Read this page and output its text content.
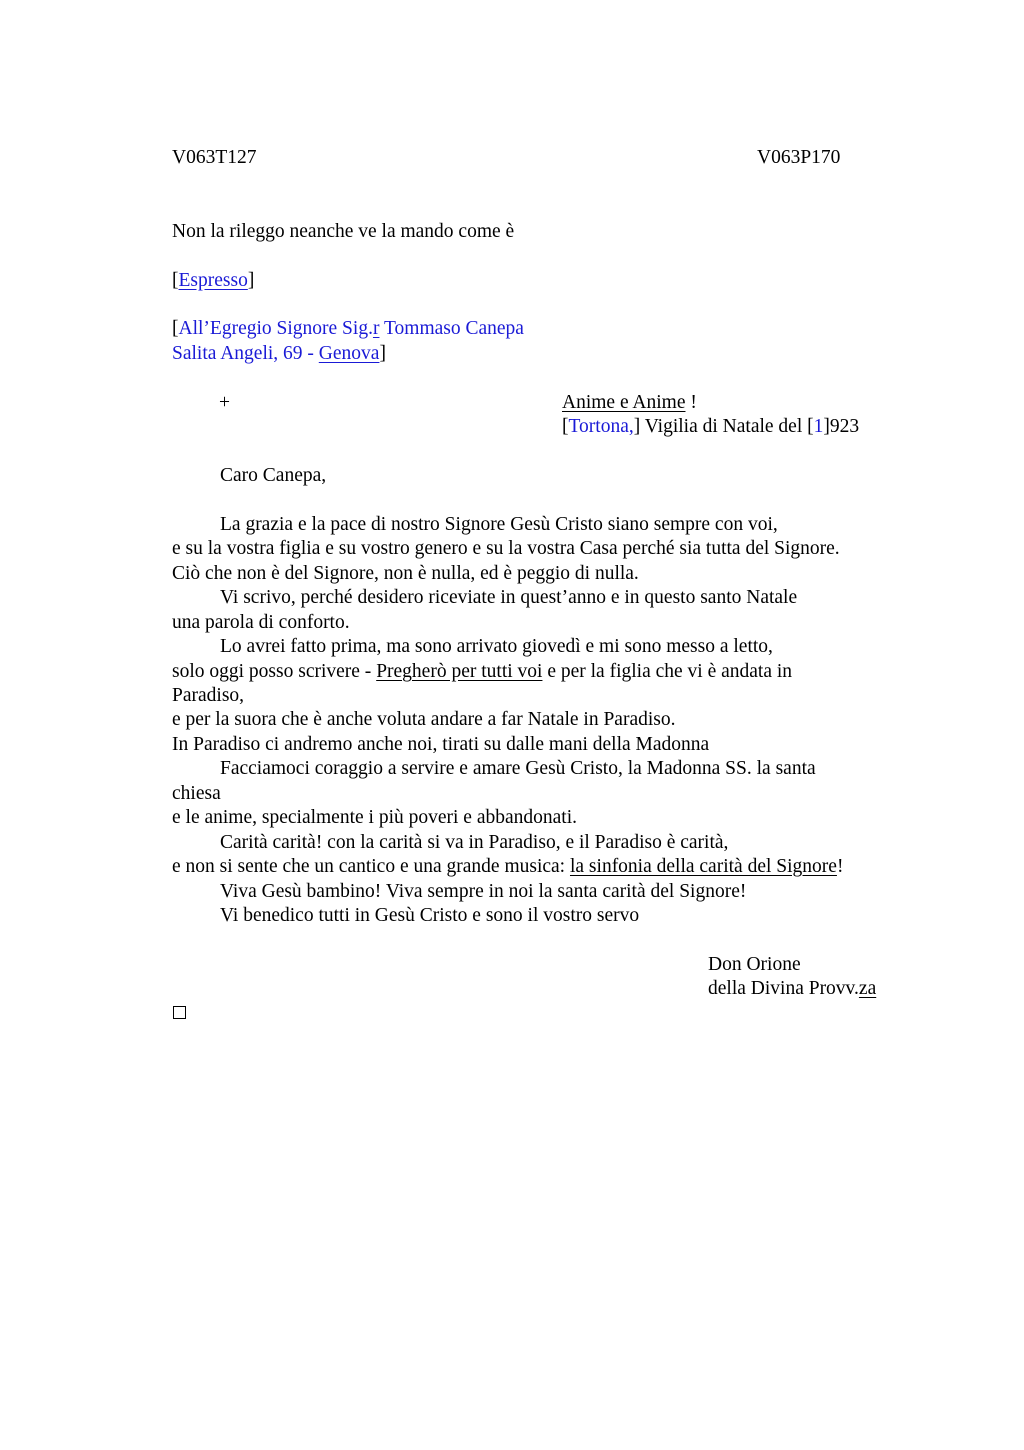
V063T127	V063P170
Non la rileggo neanche ve la mando come è
[Espresso]
[All’Egregio Signore Sig.r Tommaso Canepa
Salita Angeli, 69 - Genova]
+	Anime e Anime !
[Tortona,] Vigilia di Natale del [1]923
Caro Canepa,
La grazia e la pace di nostro Signore Gesù Cristo siano sempre con voi,
e su la vostra figlia e su vostro genero e su la vostra Casa perché sia tutta del Signore.
Ciò che non è del Signore, non è nulla, ed è peggio di nulla.
Vi scrivo, perché desidero riceviate in quest’anno e in questo santo Natale
una parola di conforto.
Lo avrei fatto prima, ma sono arrivato giovedì e mi sono messo a letto,
solo oggi posso scrivere - Pregherò per tutti voi e per la figlia che vi è andata in
Paradiso,
e per la suora che è anche voluta andare a far Natale in Paradiso.
In Paradiso ci andremo anche noi, tirati su dalle mani della Madonna
Facciamoci coraggio a servire e amare Gesù Cristo, la Madonna SS. la santa
chiesa
e le anime, specialmente i più poveri e abbandonati.
Carità carità! con la carità si va in Paradiso, e il Paradiso è carità,
e non si sente che un cantico e una grande musica: la sinfonia della carità del Signore!
Viva Gesù bambino! Viva sempre in noi la santa carità del Signore!
Vi benedico tutti in Gesù Cristo e sono il vostro servo
Don Orione
della Divina Provv.za
